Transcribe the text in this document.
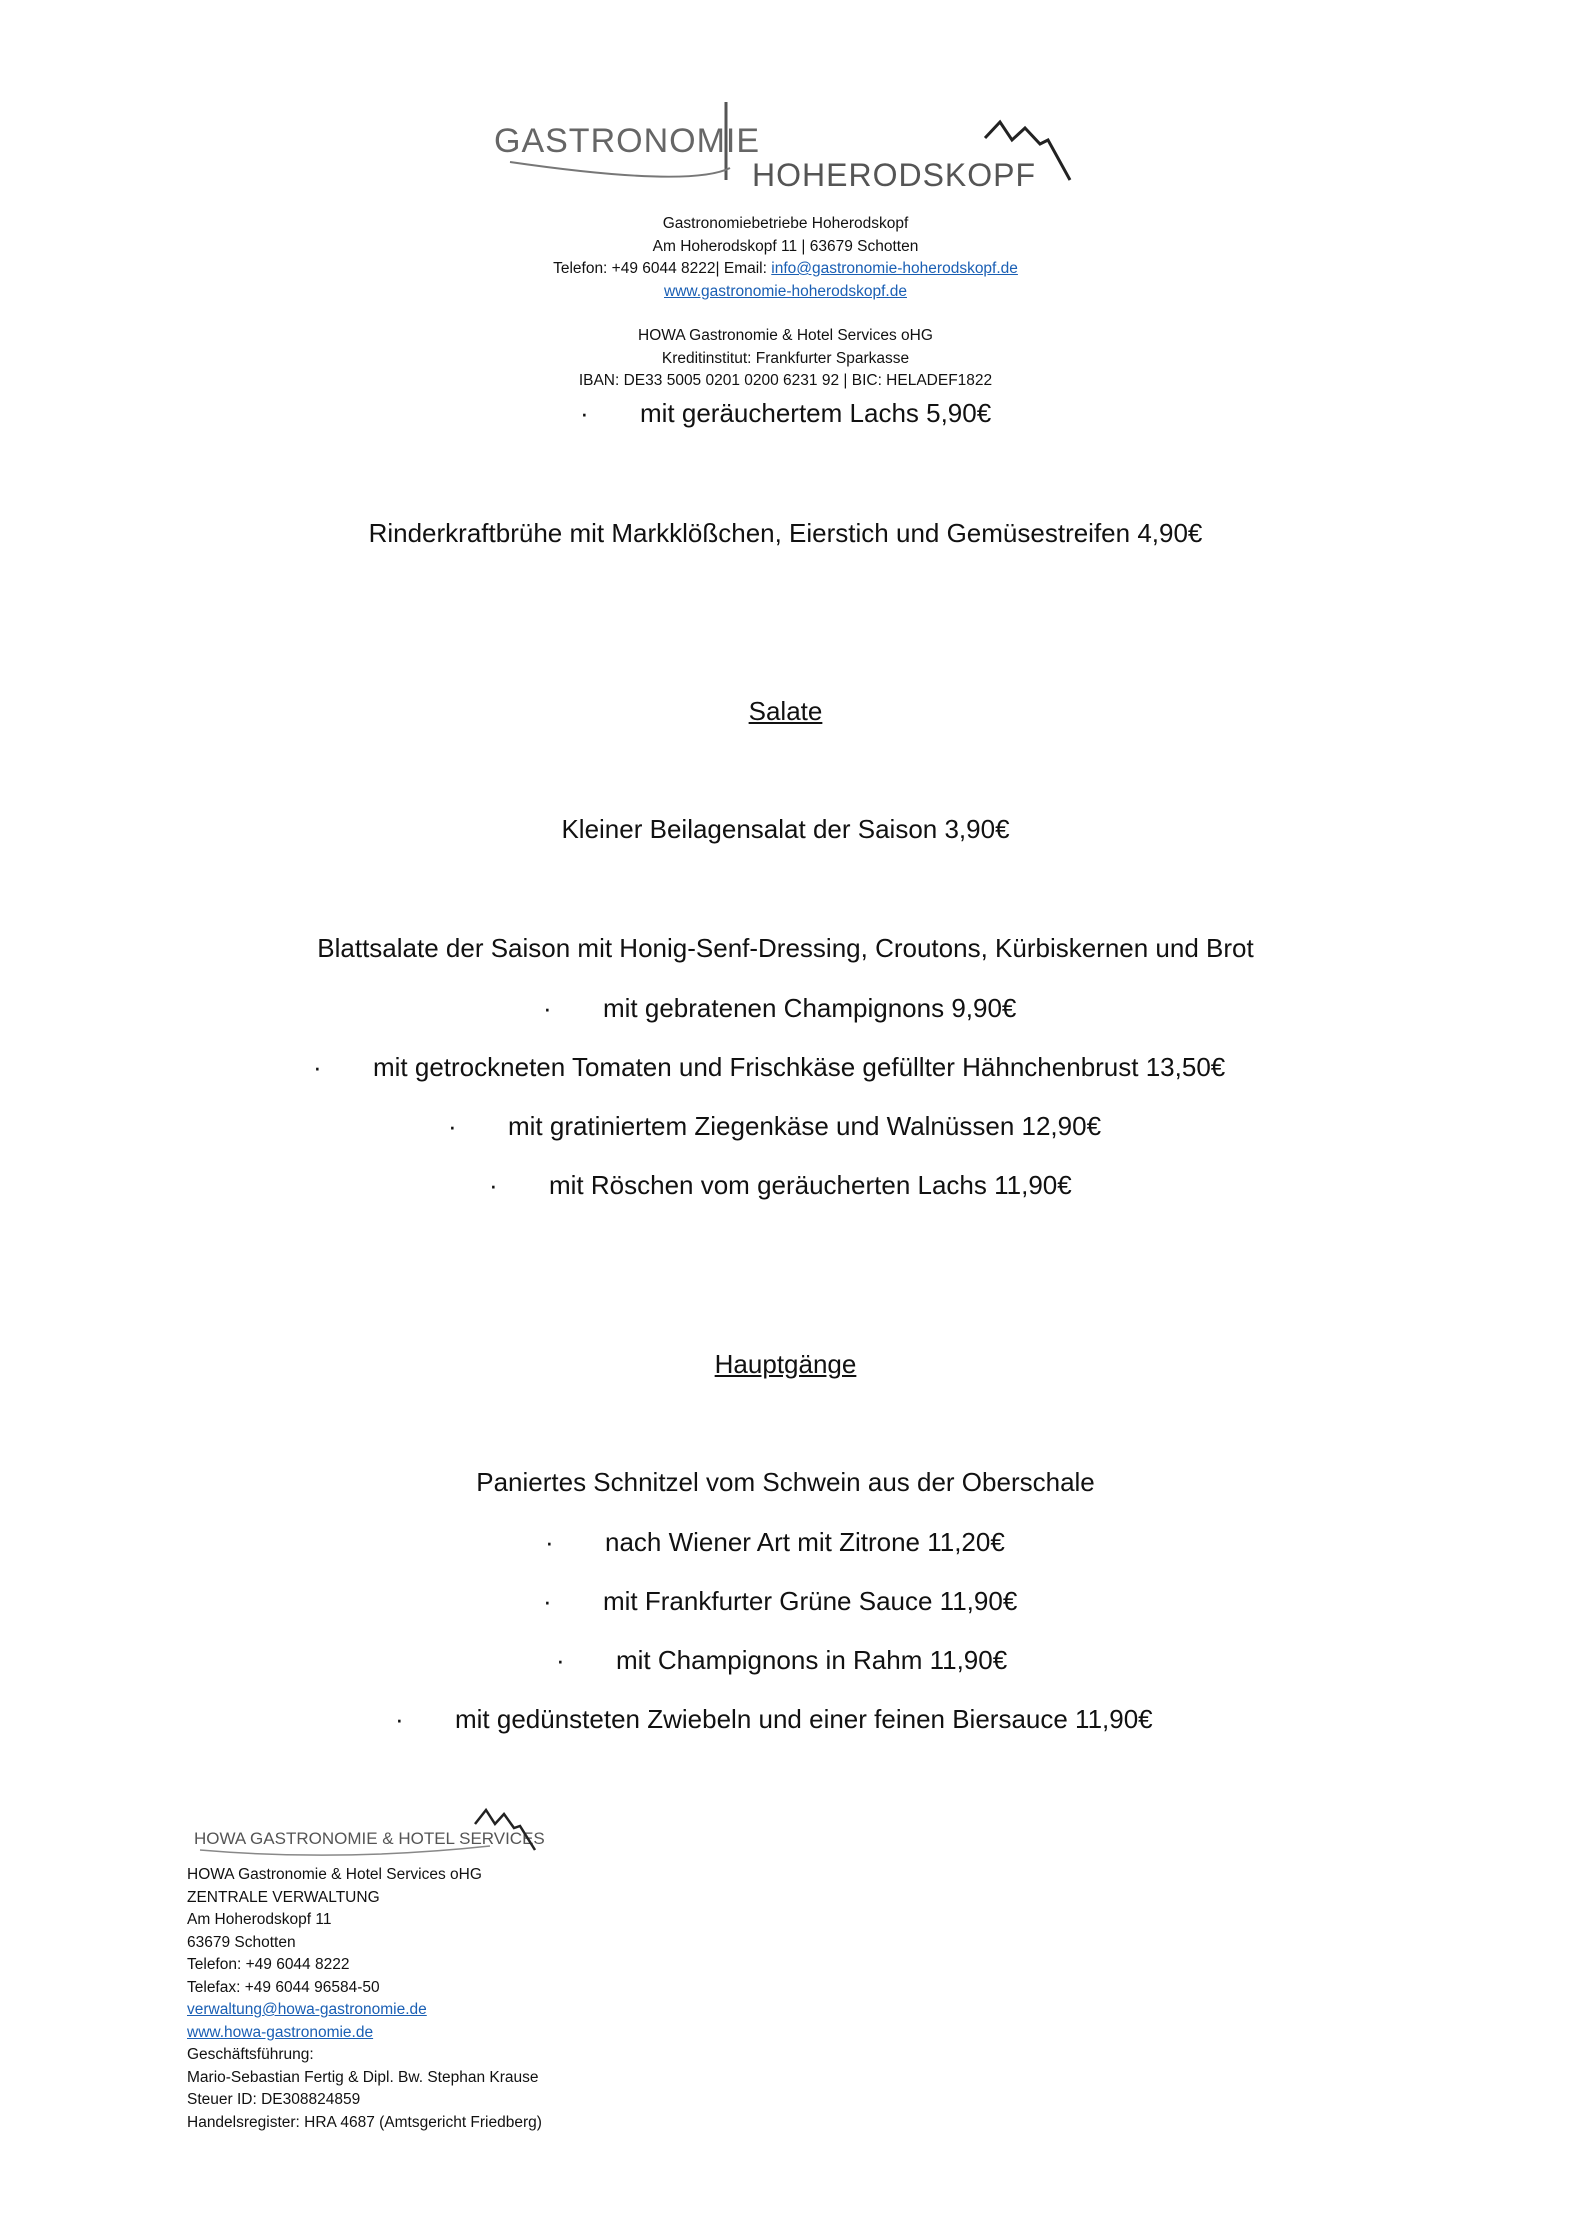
GASTRONOMIE
HOHERODSKOPF
Gastronomiebetriebe Hoherodskopf
Am Hoherodskopf 11 | 63679 Schotten
Telefon: +49 6044 8222| Email: info@gastronomie-hoherodskopf.de
www.gastronomie-hoherodskopf.de
HOWA Gastronomie & Hotel Services oHG
Kreditinstitut: Frankfurter Sparkasse
IBAN: DE33 5005 0201 0200 6231 92 | BIC: HELADEF1822
· mit geräuchertem Lachs 5,90€
Rinderkraftbrühe mit Markklößchen, Eierstich und Gemüsestreifen 4,90€
Salate
Kleiner Beilagensalat der Saison 3,90€
Blattsalate der Saison mit Honig-Senf-Dressing, Croutons, Kürbiskernen und Brot
· mit gebratenen Champignons 9,90€
· mit getrockneten Tomaten und Frischkäse gefüllter Hähnchenbrust 13,50€
· mit gratiniertem Ziegenkäse und Walnüssen 12,90€
· mit Röschen vom geräucherten Lachs 11,90€
Hauptgänge
Paniertes Schnitzel vom Schwein aus der Oberschale
· nach Wiener Art mit Zitrone 11,20€
· mit Frankfurter Grüne Sauce 11,90€
· mit Champignons in Rahm 11,90€
· mit gedünsteten Zwiebeln und einer feinen Biersauce 11,90€
HOWA GASTRONOMIE & HOTEL SERVICES
HOWA Gastronomie & Hotel Services oHG
ZENTRALE VERWALTUNG
Am Hoherodskopf 11
63679 Schotten
Telefon: +49 6044 8222
Telefax: +49 6044 96584-50
verwaltung@howa-gastronomie.de
www.howa-gastronomie.de
Geschäftsführung:
Mario-Sebastian Fertig & Dipl. Bw. Stephan Krause
Steuer ID: DE308824859
Handelsregister: HRA 4687 (Amtsgericht Friedberg)
